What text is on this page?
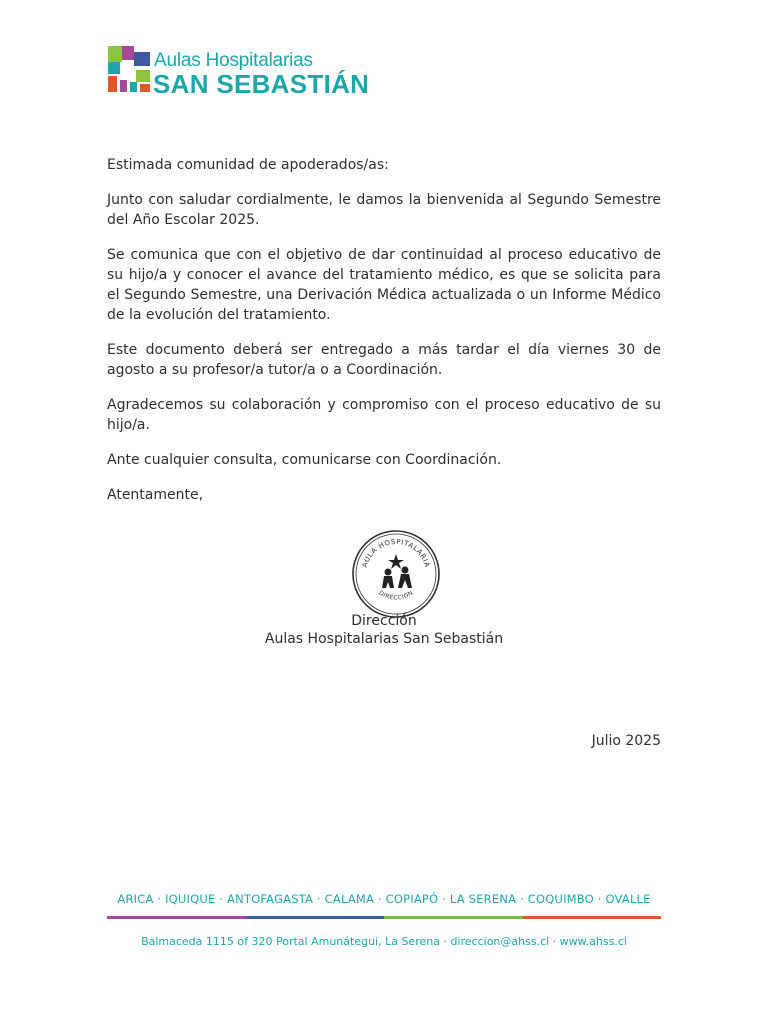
Aulas Hospitalarias
SAN SEBASTIÁN

Estimada comunidad de apoderados/as:

Junto con saludar cordialmente, le damos la bienvenida al Segundo Semestre del Año Escolar 2025.

Se comunica que con el objetivo de dar continuidad al proceso educativo de su hijo/a y conocer el avance del tratamiento médico, es que se solicita para el Segundo Semestre, una Derivación Médica actualizada o un Informe Médico de la evolución del tratamiento.

Este documento deberá ser entregado a más tardar el día viernes 30 de agosto a su profesor/a tutor/a o a Coordinación.

Agradecemos su colaboración y compromiso con el proceso educativo de su hijo/a.

Ante cualquier consulta, comunicarse con Coordinación.

Atentamente,

AULA HOSPITALARIA
DIRECCION
Dirección
Aulas Hospitalarias San Sebastián
Julio 2025
ARICA · IQUIQUE · ANTOFAGASTA · CALAMA · COPIAPÓ · LA SERENA · COQUIMBO · OVALLE
Balmaceda 1115 of 320 Portal Amunátegui, La Serena · direccion@ahss.cl · www.ahss.cl
